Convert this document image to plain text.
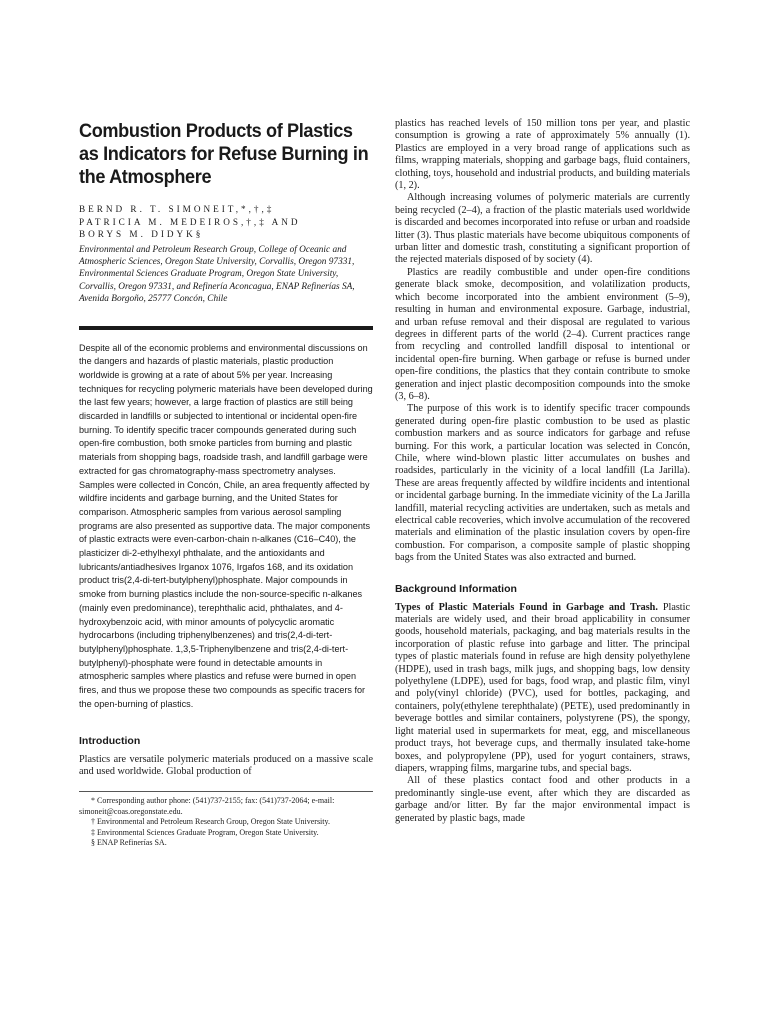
Combustion Products of Plastics as Indicators for Refuse Burning in the Atmosphere
BERND R. T. SIMONEIT,*,†,‡
PATRICIA M. MEDEIROS,†,‡ AND
BORYS M. DIDYK§
Environmental and Petroleum Research Group, College of Oceanic and Atmospheric Sciences, Oregon State University, Corvallis, Oregon 97331, Environmental Sciences Graduate Program, Oregon State University, Corvallis, Oregon 97331, and Refinería Aconcagua, ENAP Refinerías SA, Avenida Borgoño, 25777 Concón, Chile

Despite all of the economic problems and environmental discussions on the dangers and hazards of plastic materials, plastic production worldwide is growing at a rate of about 5% per year. Increasing techniques for recycling polymeric materials have been developed during the last few years; however, a large fraction of plastics are still being discarded in landfills or subjected to intentional or incidental open-fire burning. To identify specific tracer compounds generated during such open-fire combustion, both smoke particles from burning and plastic materials from shopping bags, roadside trash, and landfill garbage were extracted for gas chromatography-mass spectrometry analyses. Samples were collected in Concón, Chile, an area frequently affected by wildfire incidents and garbage burning, and the United States for comparison. Atmospheric samples from various aerosol sampling programs are also presented as supportive data. The major components of plastic extracts were even-carbon-chain n-alkanes (C16–C40), the plasticizer di-2-ethylhexyl phthalate, and the antioxidants and lubricants/antiadhesives Irganox 1076, Irgafos 168, and its oxidation product tris(2,4-di-tert-butylphenyl)phosphate. Major compounds in smoke from burning plastics include the non-source-specific n-alkanes (mainly even predominance), terephthalic acid, phthalates, and 4-hydroxybenzoic acid, with minor amounts of polycyclic aromatic hydrocarbons (including triphenylbenzenes) and tris(2,4-di-tert-butylphenyl)phosphate. 1,3,5-Triphenylbenzene and tris(2,4-di-tert-butylphenyl)-phosphate were found in detectable amounts in atmospheric samples where plastics and refuse were burned in open fires, and thus we propose these two compounds as specific tracers for the open-burning of plastics.

Introduction

Plastics are versatile polymeric materials produced on a massive scale and used worldwide. Global production of

* Corresponding author phone: (541)737-2155; fax: (541)737-2064; e-mail: simoneit@coas.oregonstate.edu.

† Environmental and Petroleum Research Group, Oregon State University.

‡ Environmental Sciences Graduate Program, Oregon State University.

§ ENAP Refinerías SA.

plastics has reached levels of 150 million tons per year, and plastic consumption is growing a rate of approximately 5% annually (1). Plastics are employed in a very broad range of applications such as films, wrapping materials, shopping and garbage bags, fluid containers, clothing, toys, household and industrial products, and building materials (1, 2).

Although increasing volumes of polymeric materials are currently being recycled (2–4), a fraction of the plastic materials used worldwide is discarded and becomes incorporated into refuse or urban and roadside litter (3). Thus plastic materials have become ubiquitous components of urban litter and domestic trash, constituting a significant proportion of the rejected materials disposed of by society (4).

Plastics are readily combustible and under open-fire conditions generate black smoke, decomposition, and volatilization products, which become incorporated into the ambient environment (5–9), resulting in human and environmental exposure. Garbage, industrial, and urban refuse removal and their disposal are regulated to various degrees in different parts of the world (2–4). Current practices range from recycling and controlled landfill disposal to intentional or incidental open-fire burning. When garbage or refuse is burned under open-fire conditions, the plastics that they contain contribute to smoke generation and inject plastic decomposition compounds into the smoke (3, 6–8).

The purpose of this work is to identify specific tracer compounds generated during open-fire plastic combustion to be used as plastic combustion markers and as source indicators for garbage and refuse burning. For this work, a particular location was selected in Concón, Chile, where wind-blown plastic litter accumulates on bushes and roadsides, particularly in the vicinity of a local landfill (La Jarilla). These are areas frequently affected by wildfire incidents and intentional or incidental garbage burning. In the immediate vicinity of the La Jarilla landfill, material recycling activities are undertaken, such as metals and electrical cable recoveries, which involve accumulation of the recovered materials and elimination of the plastic insulation covers by open-fire combustion. For comparison, a composite sample of plastic shopping bags from the United States was also extracted and burned.

Background Information

Types of Plastic Materials Found in Garbage and Trash. Plastic materials are widely used, and their broad applicability in consumer goods, household materials, packaging, and bag materials results in the incorporation of plastic refuse into garbage and litter. The principal types of plastic materials found in refuse are high density polyethylene (HDPE), used in trash bags, milk jugs, and shopping bags, low density polyethylene (LDPE), used for bags, food wrap, and plastic film, vinyl and poly(vinyl chloride) (PVC), used for bottles, packaging, and containers, poly(ethylene terephthalate) (PETE), used predominantly in beverage bottles and similar containers, polystyrene (PS), the spongy, light material used in supermarkets for meat, egg, and miscellaneous product trays, hot beverage cups, and thermally insulated take-home boxes, and polypropylene (PP), used for yogurt containers, straws, diapers, wrapping films, margarine tubs, and special bags.

All of these plastics contact food and other products in a predominantly single-use event, after which they are discarded as garbage and/or litter. By far the major environmental impact is generated by plastic bags, made
